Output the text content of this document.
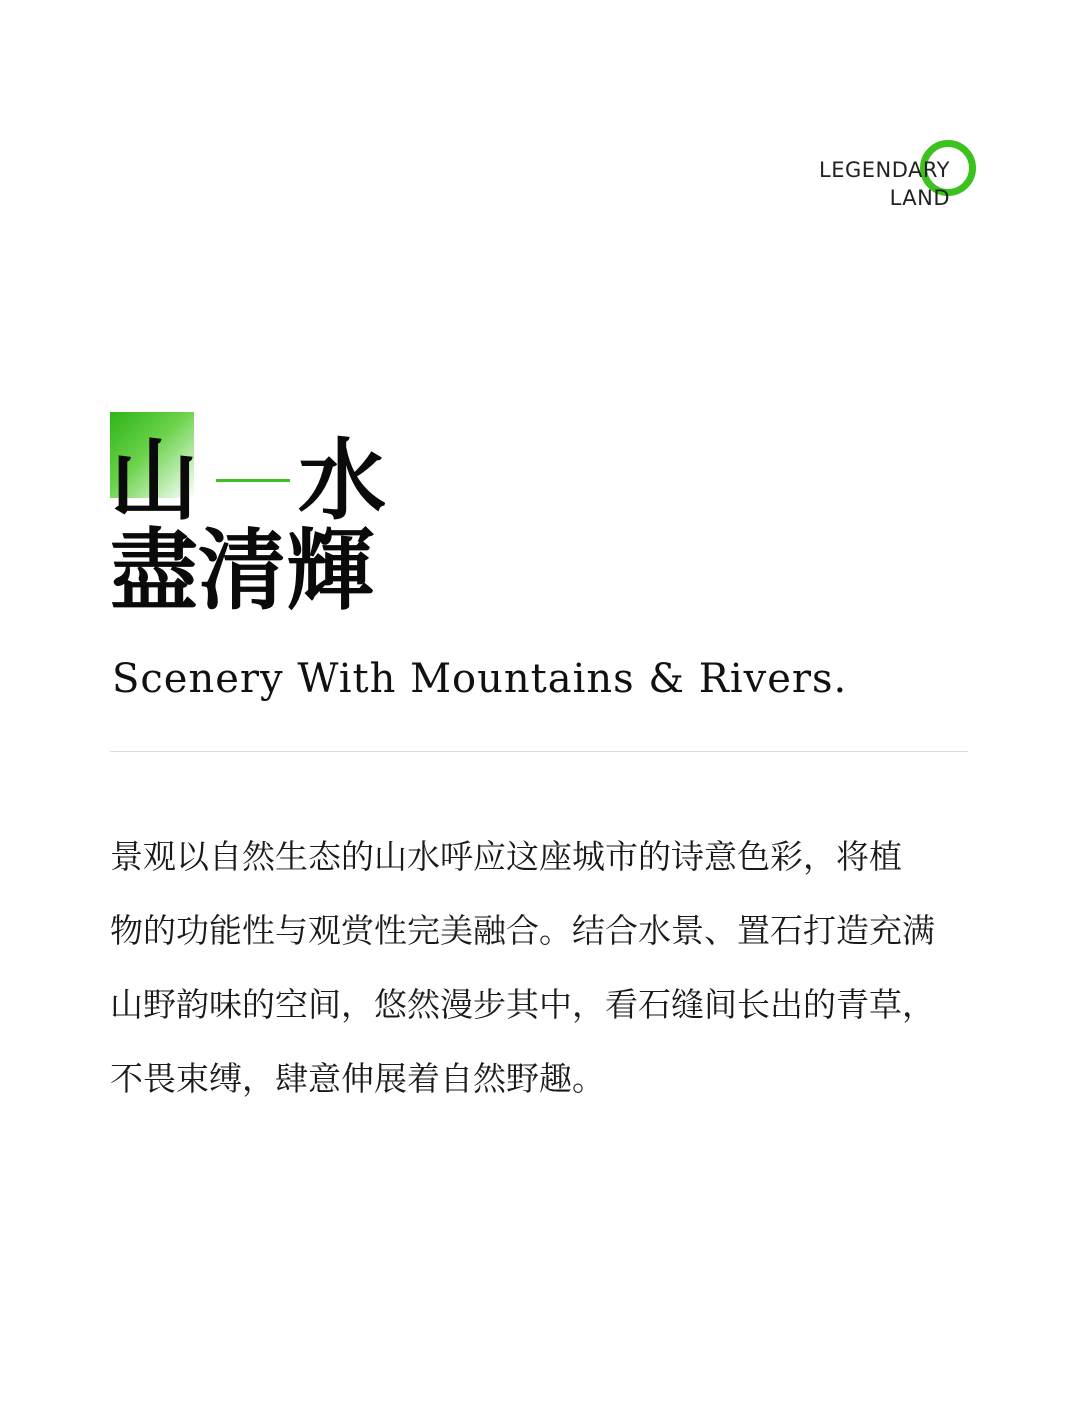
LEGENDARY
LAND
山 水
盡清輝
Scenery With Mountains & Rivers.
景观以自然生态的山水呼应这座城市的诗意色彩，将植
物的功能性与观赏性完美融合。结合水景、置石打造充满
山野韵味的空间，悠然漫步其中，看石缝间长出的青草，
不畏束缚，肆意伸展着自然野趣。
